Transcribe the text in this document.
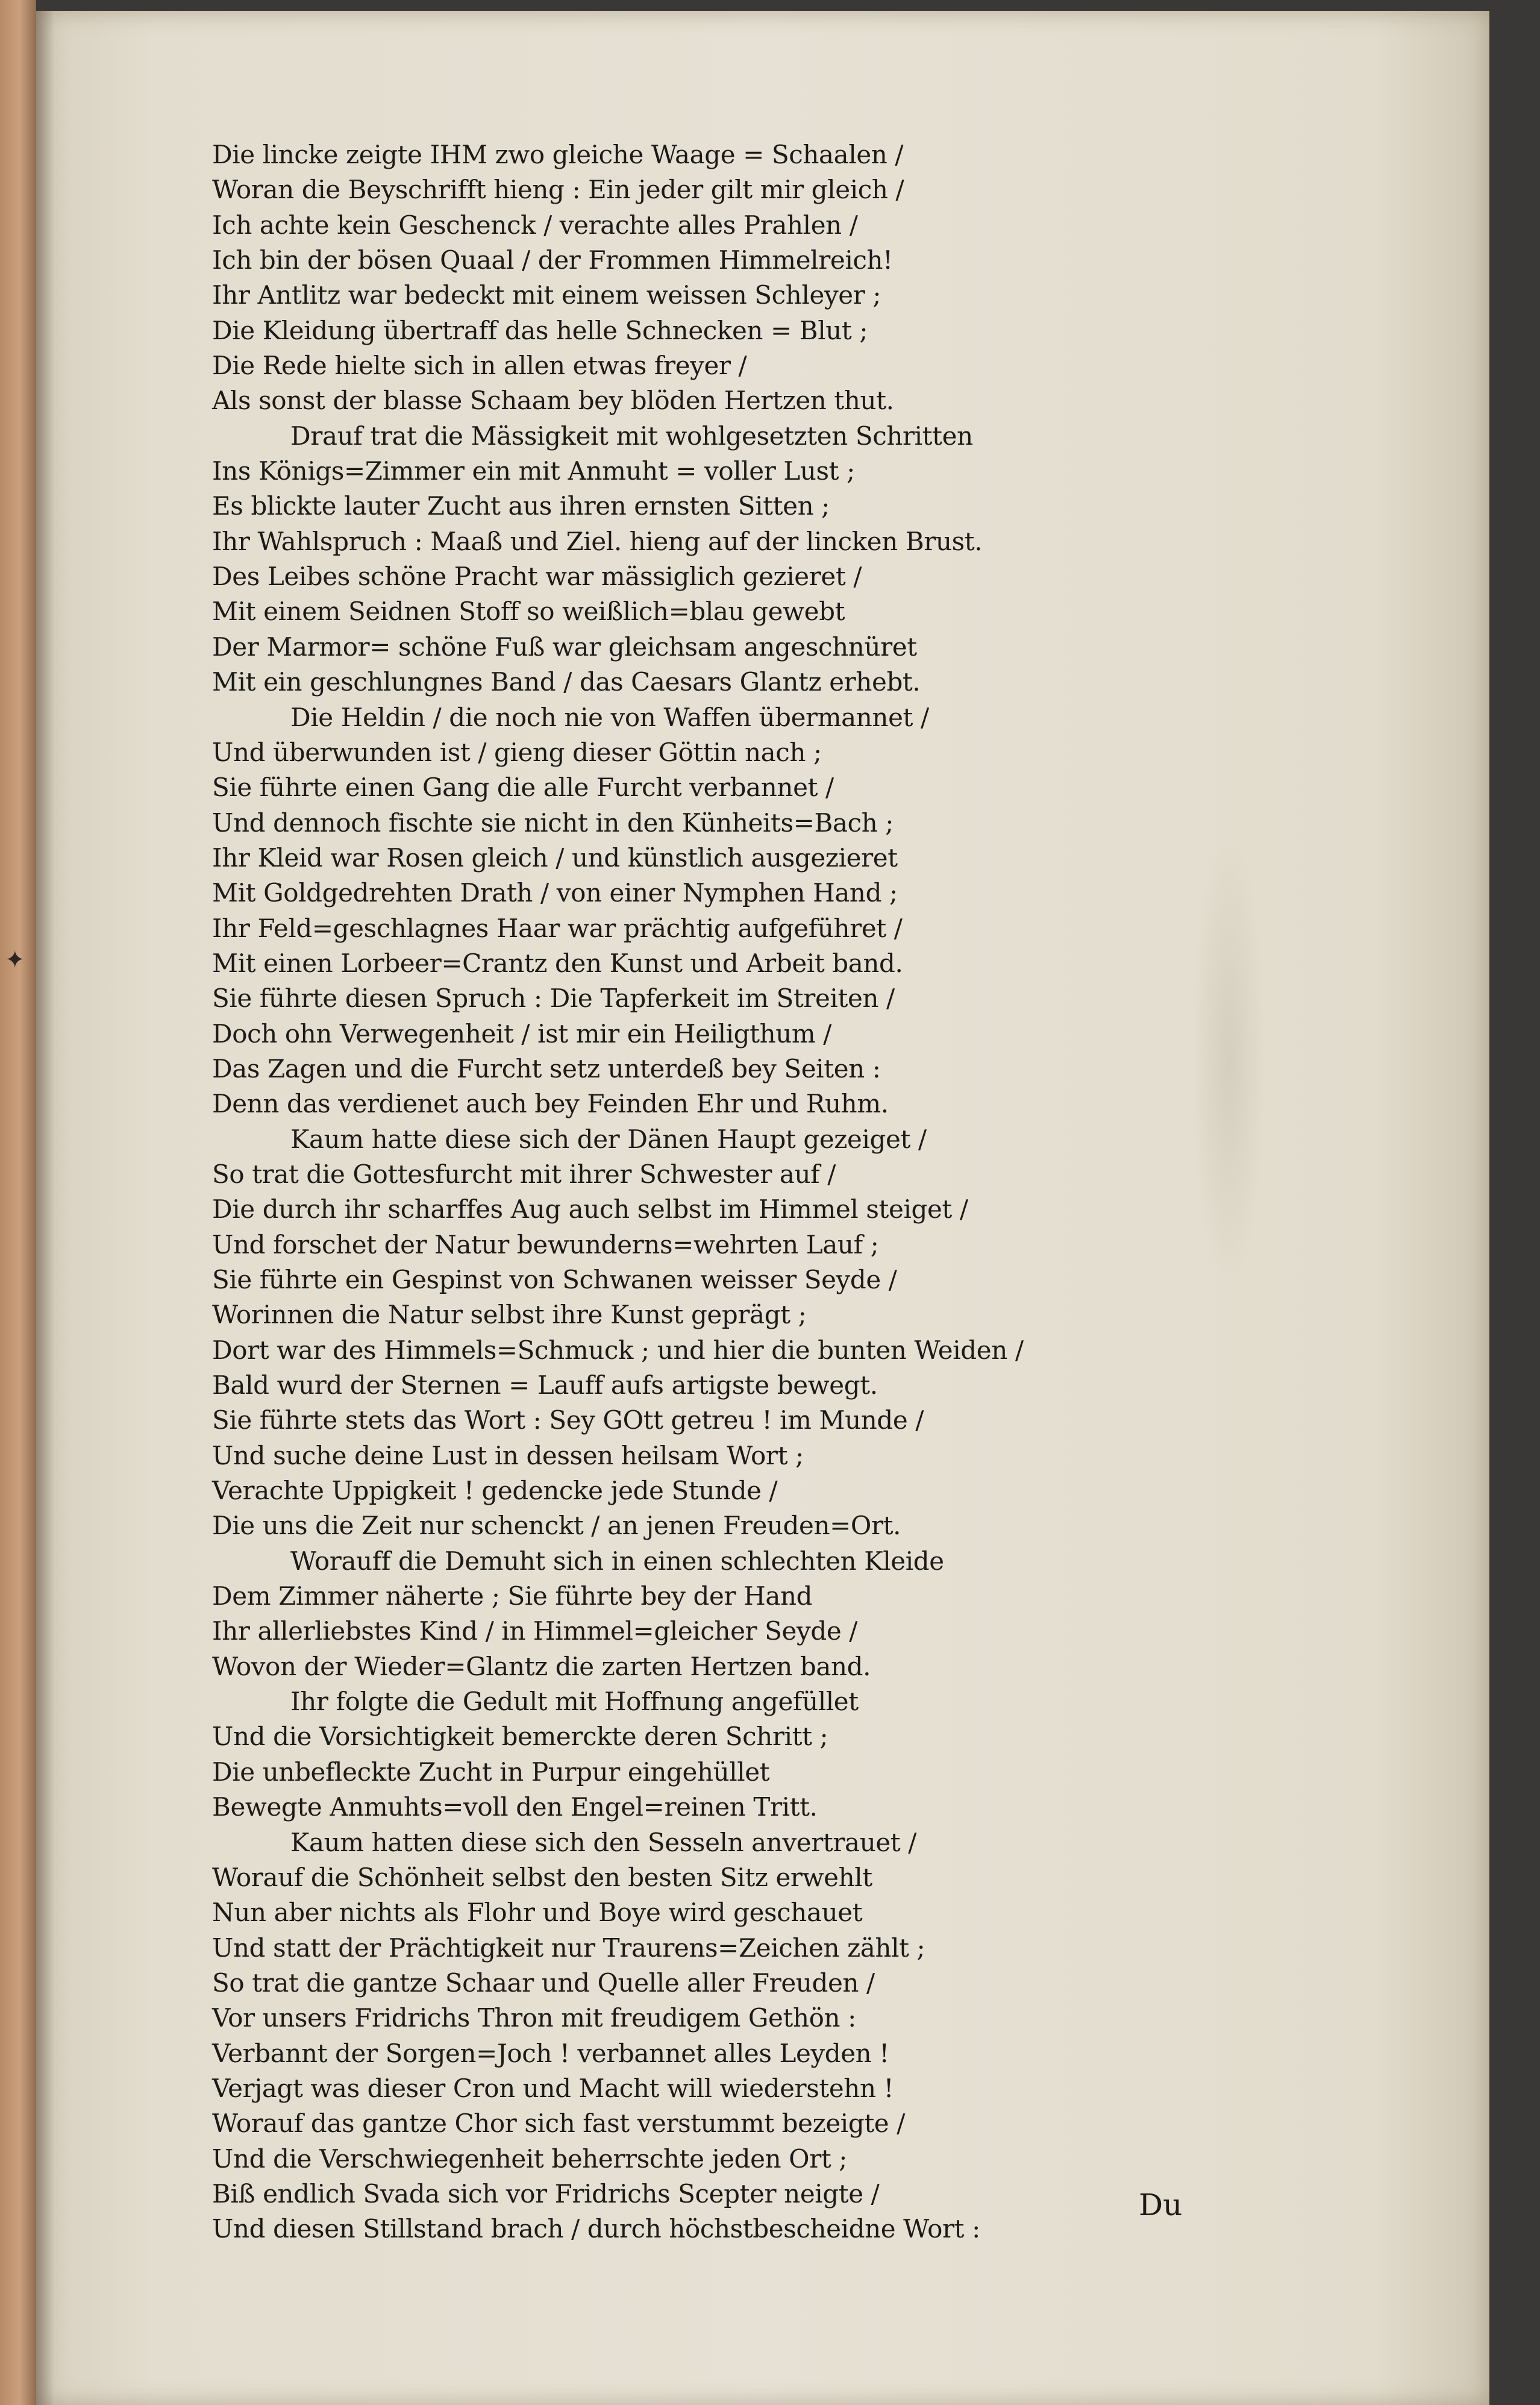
✦
Die lincke zeigte IHM zwo gleiche Waage = Schaalen /
Woran die Beyschrifft hieng : Ein jeder gilt mir gleich /
Ich achte kein Geschenck / verachte alles Prahlen /
Ich bin der bösen Quaal / der Frommen Himmelreich!
Ihr Antlitz war bedeckt mit einem weissen Schleyer ;
Die Kleidung übertraff das helle Schnecken = Blut ;
Die Rede hielte sich in allen etwas freyer /
Als sonst der blasse Schaam bey blöden Hertzen thut.
Drauf trat die Mässigkeit mit wohlgesetzten Schritten
Ins Königs=Zimmer ein mit Anmuht = voller Lust ;
Es blickte lauter Zucht aus ihren ernsten Sitten ;
Ihr Wahlspruch : Maaß und Ziel. hieng auf der lincken Brust.
Des Leibes schöne Pracht war mässiglich gezieret /
Mit einem Seidnen Stoff so weißlich=blau gewebt
Der Marmor= schöne Fuß war gleichsam angeschnüret
Mit ein geschlungnes Band / das Caesars Glantz erhebt.
Die Heldin / die noch nie von Waffen übermannet /
Und überwunden ist / gieng dieser Göttin nach ;
Sie führte einen Gang die alle Furcht verbannet /
Und dennoch fischte sie nicht in den Künheits=Bach ;
Ihr Kleid war Rosen gleich / und künstlich ausgezieret
Mit Goldgedrehten Drath / von einer Nymphen Hand ;
Ihr Feld=geschlagnes Haar war prächtig aufgeführet /
Mit einen Lorbeer=Crantz den Kunst und Arbeit band.
Sie führte diesen Spruch : Die Tapferkeit im Streiten /
Doch ohn Verwegenheit / ist mir ein Heiligthum /
Das Zagen und die Furcht setz unterdeß bey Seiten :
Denn das verdienet auch bey Feinden Ehr und Ruhm.
Kaum hatte diese sich der Dänen Haupt gezeiget /
So trat die Gottesfurcht mit ihrer Schwester auf /
Die durch ihr scharffes Aug auch selbst im Himmel steiget /
Und forschet der Natur bewunderns=wehrten Lauf ;
Sie führte ein Gespinst von Schwanen weisser Seyde /
Worinnen die Natur selbst ihre Kunst geprägt ;
Dort war des Himmels=Schmuck ; und hier die bunten Weiden /
Bald wurd der Sternen = Lauff aufs artigste bewegt.
Sie führte stets das Wort : Sey GOtt getreu ! im Munde /
Und suche deine Lust in dessen heilsam Wort ;
Verachte Uppigkeit ! gedencke jede Stunde /
Die uns die Zeit nur schenckt / an jenen Freuden=Ort.
Worauff die Demuht sich in einen schlechten Kleide
Dem Zimmer näherte ; Sie führte bey der Hand
Ihr allerliebstes Kind / in Himmel=gleicher Seyde /
Wovon der Wieder=Glantz die zarten Hertzen band.
Ihr folgte die Gedult mit Hoffnung angefüllet
Und die Vorsichtigkeit bemerckte deren Schritt ;
Die unbefleckte Zucht in Purpur eingehüllet
Bewegte Anmuhts=voll den Engel=reinen Tritt.
Kaum hatten diese sich den Sesseln anvertrauet /
Worauf die Schönheit selbst den besten Sitz erwehlt
Nun aber nichts als Flohr und Boye wird geschauet
Und statt der Prächtigkeit nur Traurens=Zeichen zählt ;
So trat die gantze Schaar und Quelle aller Freuden /
Vor unsers Fridrichs Thron mit freudigem Gethön :
Verbannt der Sorgen=Joch ! verbannet alles Leyden !
Verjagt was dieser Cron und Macht will wiederstehn !
Worauf das gantze Chor sich fast verstummt bezeigte /
Und die Verschwiegenheit beherrschte jeden Ort ;
Biß endlich Svada sich vor Fridrichs Scepter neigte /
Und diesen Stillstand brach / durch höchstbescheidne Wort :
Du
